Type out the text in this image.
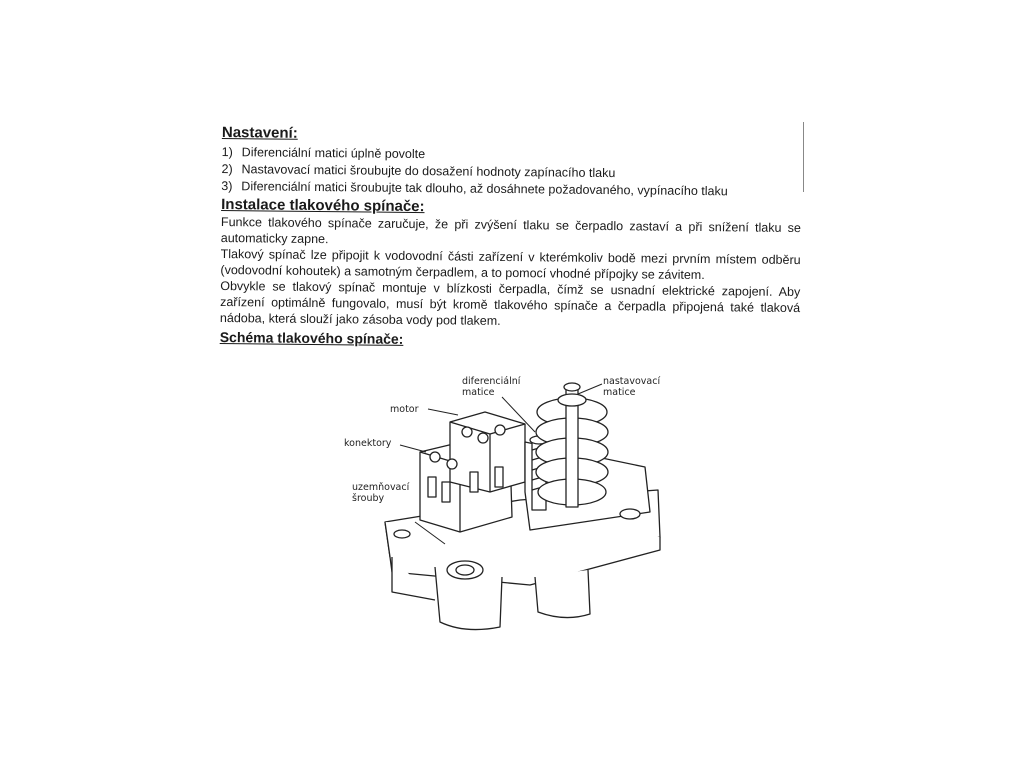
Nastavení:
1) Diferenciální matici úplně povolte
2) Nastavovací matici šroubujte do dosažení hodnoty zapínacího tlaku
3) Diferenciální matici šroubujte tak dlouho, až dosáhnete požadovaného, vypínacího tlaku
Instalace tlakového spínače:

Funkce tlakového spínače zaručuje, že při zvýšení tlaku se čerpadlo zastaví a při snížení tlaku se automaticky zapne.

Tlakový spínač lze připojit k vodovodní části zařízení v kterémkoliv bodě mezi prvním místem odběru (vodovodní kohoutek) a samotným čerpadlem, a to pomocí vhodné přípojky se závitem.

Obvykle se tlakový spínač montuje v blízkosti čerpadla, čímž se usnadní elektrické zapojení. Aby zařízení optimálně fungovalo, musí být kromě tlakového spínače a čerpadla připojená také tlaková nádoba, která slouží jako zásoba vody pod tlakem.

Schéma tlakového spínače:
diferenciální
matice
nastavovací
matice
motor
konektory
uzemňovací
šrouby
